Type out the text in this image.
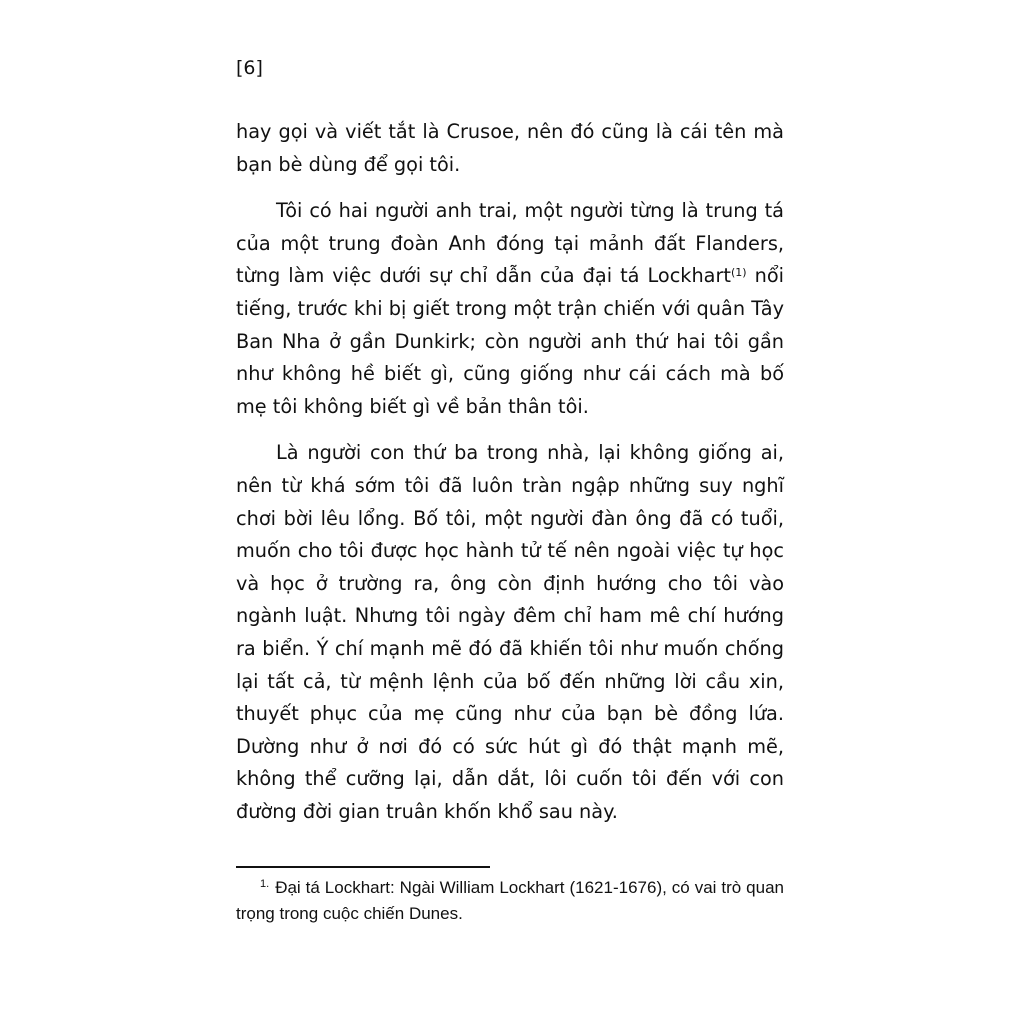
[6]

hay gọi và viết tắt là Crusoe, nên đó cũng là cái tên mà bạn bè dùng để gọi tôi.

Tôi có hai người anh trai, một người từng là trung tá của một trung đoàn Anh đóng tại mảnh đất Flanders, từng làm việc dưới sự chỉ dẫn của đại tá Lockhart$^{(1)}$ nổi tiếng, trước khi bị giết trong một trận chiến với quân Tây Ban Nha ở gần Dunkirk; còn người anh thứ hai tôi gần như không hề biết gì, cũng giống như cái cách mà bố mẹ tôi không biết gì về bản thân tôi.

Là người con thứ ba trong nhà, lại không giống ai, nên từ khá sớm tôi đã luôn tràn ngập những suy nghĩ chơi bời lêu lổng. Bố tôi, một người đàn ông đã có tuổi, muốn cho tôi được học hành tử tế nên ngoài việc tự học và học ở trường ra, ông còn định hướng cho tôi vào ngành luật. Nhưng tôi ngày đêm chỉ ham mê chí hướng ra biển. Ý chí mạnh mẽ đó đã khiến tôi như muốn chống lại tất cả, từ mệnh lệnh của bố đến những lời cầu xin, thuyết phục của mẹ cũng như của bạn bè đồng lứa. Dường như ở nơi đó có sức hút gì đó thật mạnh mẽ, không thể cưỡng lại, dẫn dắt, lôi cuốn tôi đến với con đường đời gian truân khốn khổ sau này.

$^{1.}$ Đại tá Lockhart: Ngài William Lockhart (1621-1676), có vai trò quan trọng trong cuộc chiến Dunes.
